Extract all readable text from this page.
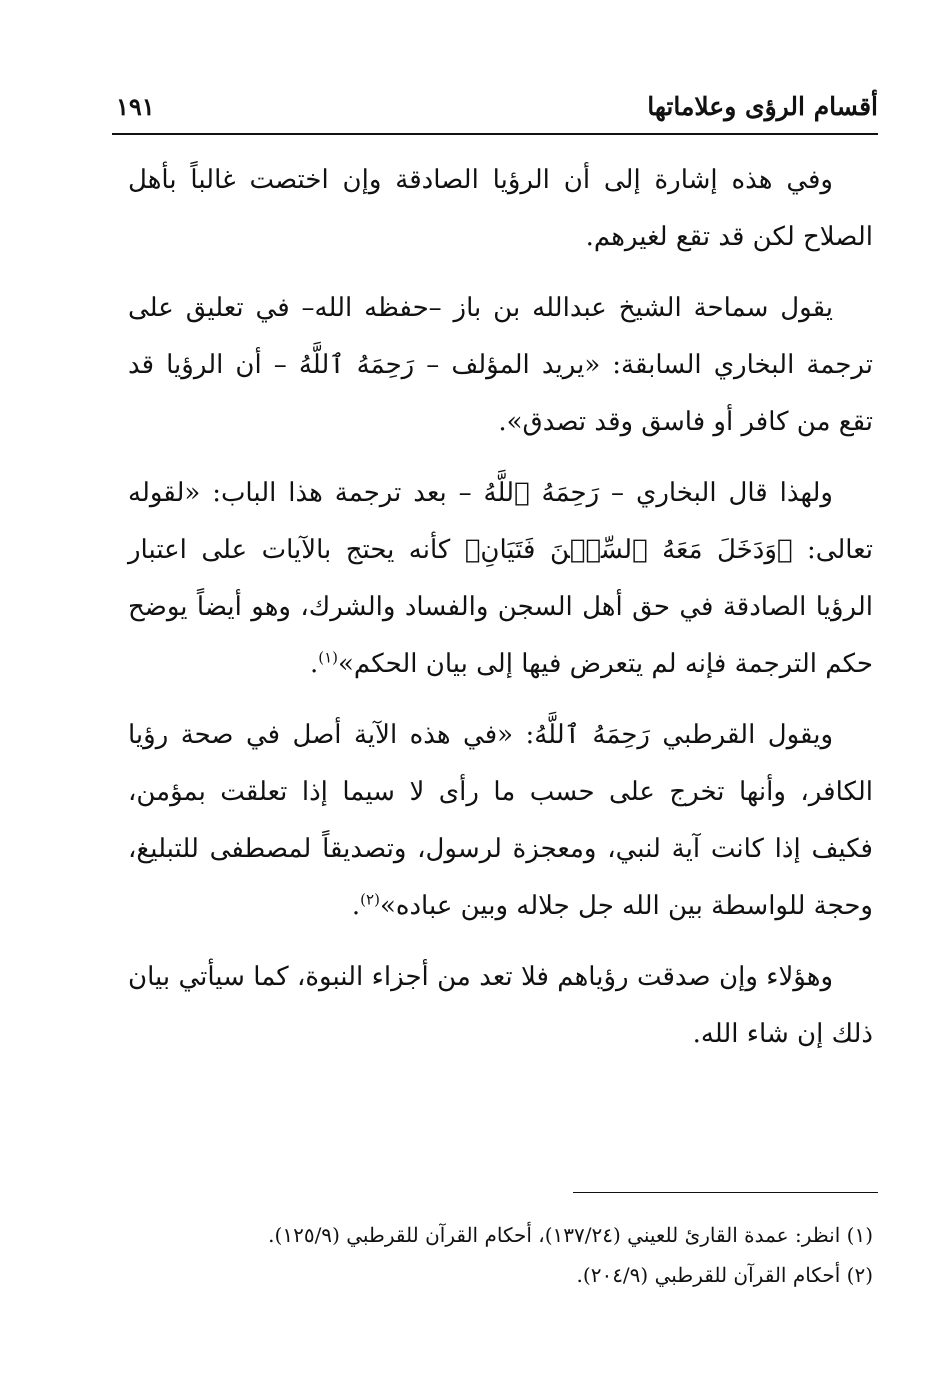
أقسام الرؤى وعلاماتها
١٩١

وفي هذه إشارة إلى أن الرؤيا الصادقة وإن اختصت غالباً بأهل الصلاح لكن قد تقع لغيرهم.

يقول سماحة الشيخ عبدالله بن باز –حفظه الله– في تعليق على ترجمة البخاري السابقة: «يريد المؤلف – رَحِمَهُ ٱللَّهُ – أن الرؤيا قد تقع من كافر أو فاسق وقد تصدق».

ولهذا قال البخاري – رَحِمَهُ ٱللَّهُ – بعد ترجمة هذا الباب: «لقوله تعالى: ﴿وَدَخَلَ مَعَهُ ٱلسِّجۡنَ فَتَيَانِ﴾ كأنه يحتج بالآيات على اعتبار الرؤيا الصادقة في حق أهل السجن والفساد والشرك، وهو أيضاً يوضح حكم الترجمة فإنه لم يتعرض فيها إلى بيان الحكم»$^{(١)}$.

ويقول القرطبي رَحِمَهُ ٱللَّهُ: «في هذه الآية أصل في صحة رؤيا الكافر، وأنها تخرج على حسب ما رأى لا سيما إذا تعلقت بمؤمن، فكيف إذا كانت آية لنبي، ومعجزة لرسول، وتصديقاً لمصطفى للتبليغ، وحجة للواسطة بين الله جل جلاله وبين عباده»$^{(٢)}$.

وهؤلاء وإن صدقت رؤياهم فلا تعد من أجزاء النبوة، كما سيأتي بيان ذلك إن شاء الله.

(١) انظر: عمدة القارئ للعيني (١٣٧/٢٤)، أحكام القرآن للقرطبي (١٢٥/٩).

(٢) أحكام القرآن للقرطبي (٢٠٤/٩).
